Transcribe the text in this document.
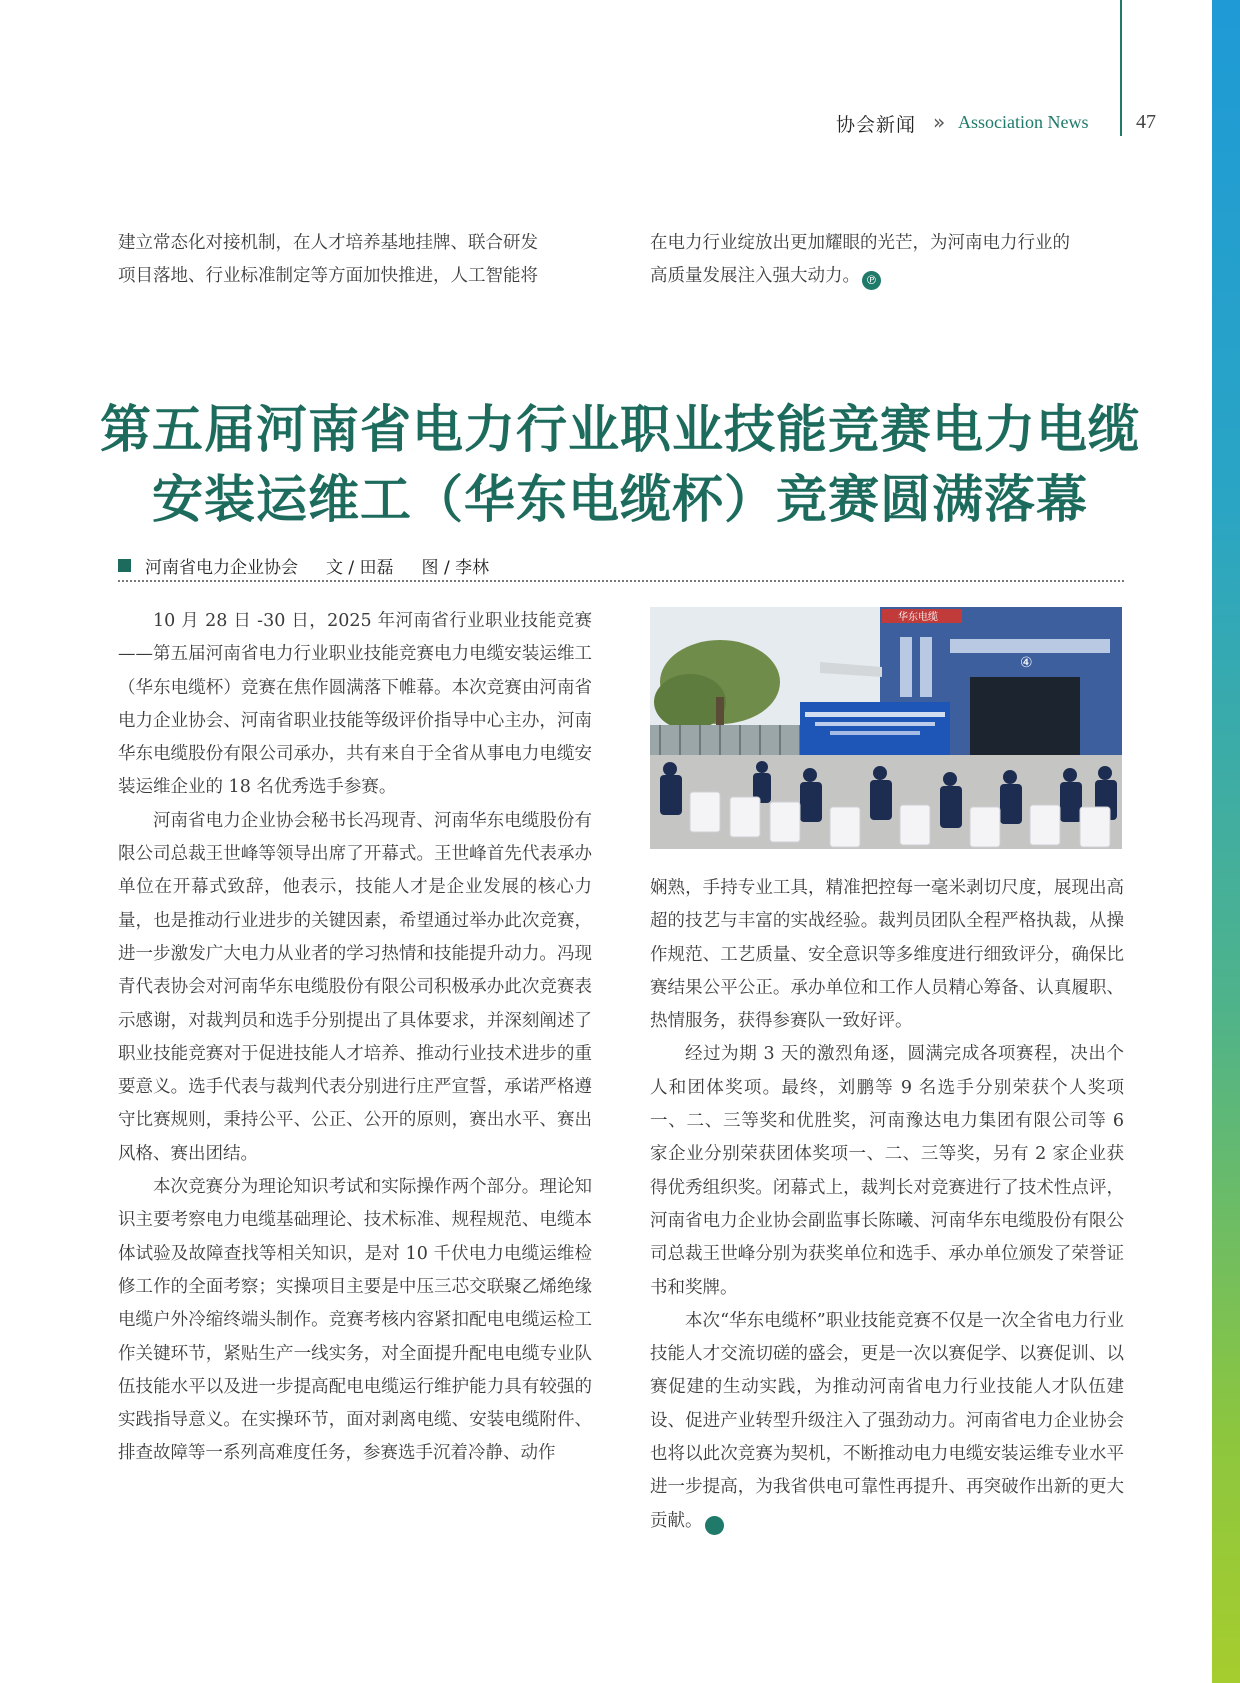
协会新闻 » Association News 47

建立常态化对接机制，在人才培养基地挂牌、联合研发

项目落地、行业标准制定等方面加快推进，人工智能将

在电力行业绽放出更加耀眼的光芒，为河南电力行业的

高质量发展注入强大动力。 ℗

第五届河南省电力行业职业技能竞赛电力电缆
安装运维工（华东电缆杯）竞赛圆满落幕
河南省电力企业协会 文 / 田磊 图 / 李林

10 月 28 日 -30 日，2025 年河南省行业职业技能竞赛——第五届河南省电力行业职业技能竞赛电力电缆安装运维工（华东电缆杯）竞赛在焦作圆满落下帷幕。本次竞赛由河南省电力企业协会、河南省职业技能等级评价指导中心主办，河南华东电缆股份有限公司承办，共有来自于全省从事电力电缆安装运维企业的 18 名优秀选手参赛。

河南省电力企业协会秘书长冯现青、河南华东电缆股份有限公司总裁王世峰等领导出席了开幕式。王世峰首先代表承办单位在开幕式致辞，他表示，技能人才是企业发展的核心力量，也是推动行业进步的关键因素，希望通过举办此次竞赛，进一步激发广大电力从业者的学习热情和技能提升动力。冯现青代表协会对河南华东电缆股份有限公司积极承办此次竞赛表示感谢，对裁判员和选手分别提出了具体要求，并深刻阐述了职业技能竞赛对于促进技能人才培养、推动行业技术进步的重要意义。选手代表与裁判代表分别进行庄严宣誓，承诺严格遵守比赛规则，秉持公平、公正、公开的原则，赛出水平、赛出风格、赛出团结。

本次竞赛分为理论知识考试和实际操作两个部分。理论知识主要考察电力电缆基础理论、技术标准、规程规范、电缆本体试验及故障查找等相关知识，是对 10 千伏电力电缆运维检修工作的全面考察；实操项目主要是中压三芯交联聚乙烯绝缘电缆户外冷缩终端头制作。竞赛考核内容紧扣配电电缆运检工作关键环节，紧贴生产一线实务，对全面提升配电电缆专业队伍技能水平以及进一步提高配电电缆运行维护能力具有较强的实践指导意义。在实操环节，面对剥离电缆、安装电缆附件、排查故障等一系列高难度任务，参赛选手沉着冷静、动作

华东电缆
④

娴熟，手持专业工具，精准把控每一毫米剥切尺度，展现出高超的技艺与丰富的实战经验。裁判员团队全程严格执裁，从操作规范、工艺质量、安全意识等多维度进行细致评分，确保比赛结果公平公正。承办单位和工作人员精心筹备、认真履职、热情服务，获得参赛队一致好评。

经过为期 3 天的激烈角逐，圆满完成各项赛程，决出个人和团体奖项。最终，刘鹏等 9 名选手分别荣获个人奖项一、二、三等奖和优胜奖，河南豫达电力集团有限公司等 6 家企业分别荣获团体奖项一、二、三等奖，另有 2 家企业获得优秀组织奖。闭幕式上，裁判长对竞赛进行了技术性点评，河南省电力企业协会副监事长陈曦、河南华东电缆股份有限公司总裁王世峰分别为获奖单位和选手、承办单位颁发了荣誉证书和奖牌。

本次“华东电缆杯”职业技能竞赛不仅是一次全省电力行业技能人才交流切磋的盛会，更是一次以赛促学、以赛促训、以赛促建的生动实践，为推动河南省电力行业技能人才队伍建设、促进产业转型升级注入了强劲动力。河南省电力企业协会也将以此次竞赛为契机，不断推动电力电缆安装运维专业水平进一步提高，为我省供电可靠性再提升、再突破作出新的更大贡献。	℗
